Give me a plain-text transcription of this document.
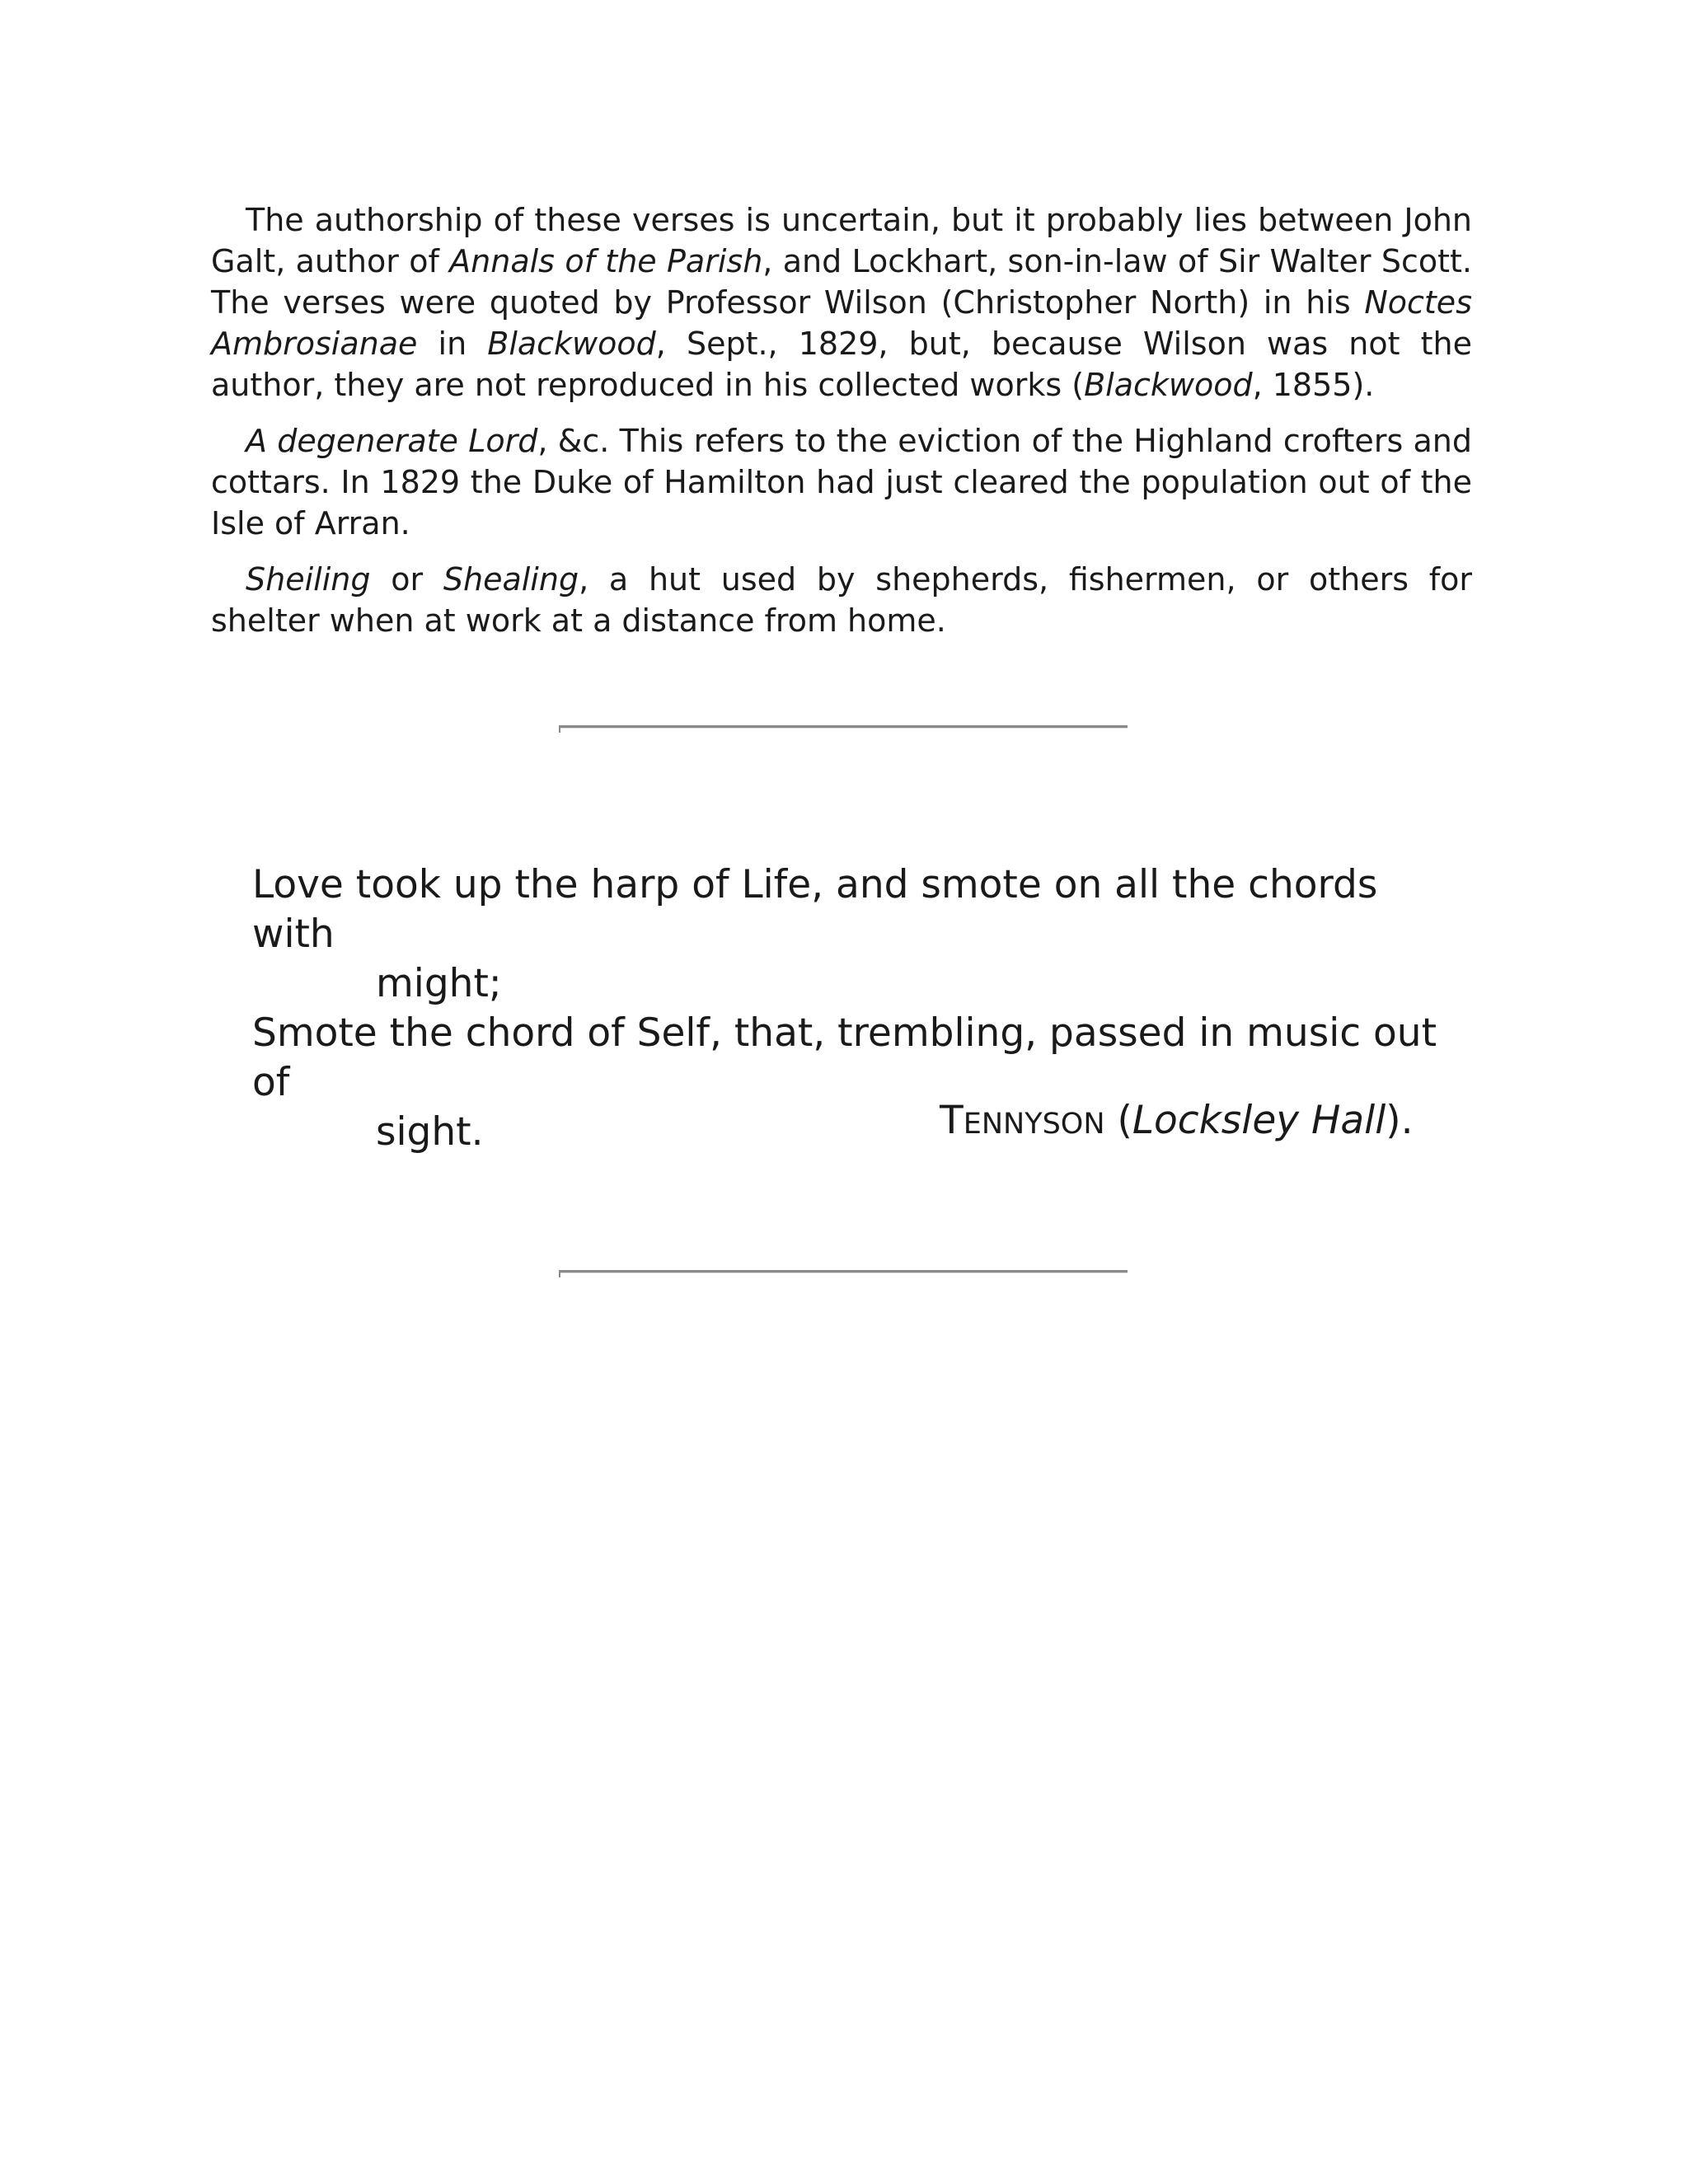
The authorship of these verses is uncertain, but it probably lies between John Galt, author of Annals of the Parish, and Lockhart, son-in-law of Sir Walter Scott. The verses were quoted by Professor Wilson (Christopher North) in his Noctes Ambrosianae in Blackwood, Sept., 1829, but, because Wilson was not the author, they are not reproduced in his collected works (Blackwood, 1855).

A degenerate Lord, &c. This refers to the eviction of the Highland crofters and cottars. In 1829 the Duke of Hamilton had just cleared the population out of the Isle of Arran.

Sheiling or Shealing, a hut used by shepherds, fishermen, or others for shelter when at work at a distance from home.

Love took up the harp of Life, and smote on all the chords with

might;

Smote the chord of Self, that, trembling, passed in music out of

sight.	TENNYSON (Locksley Hall).
